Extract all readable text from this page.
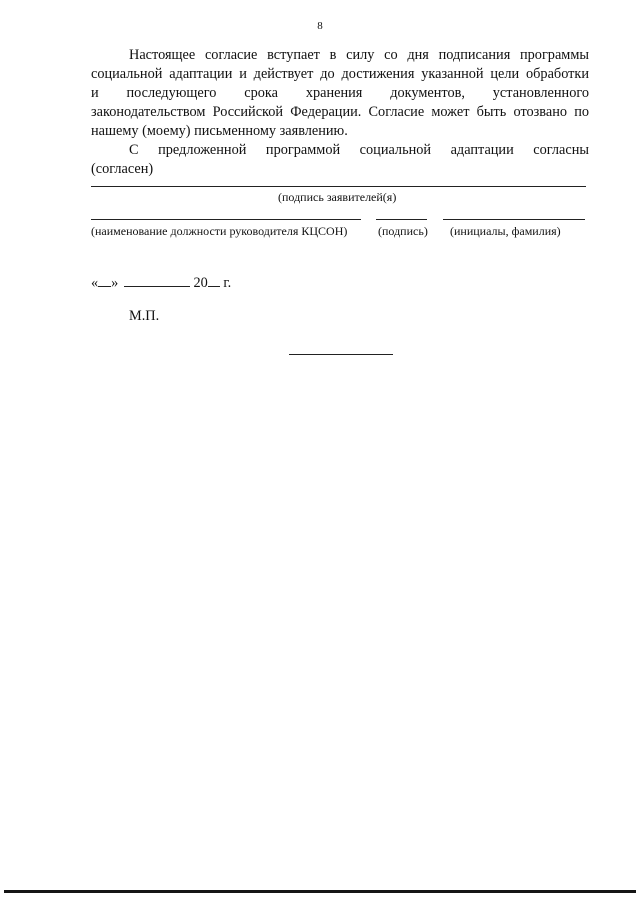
8
Настоящее согласие вступает в силу со дня подписания программы
социальной адаптации и действует до достижения указанной цели обработки
и последующего срока хранения документов, установленного
законодательством Российской Федерации. Согласие может быть отозвано по
нашему (моему) письменному заявлению.
С предложенной программой социальной адаптации согласны
(согласен)
(подпись заявителей(я)
(наименование должности руководителя КЦСОН)	(подпись) (инициалы, фамилия)
« »	20 г.
М.П.
